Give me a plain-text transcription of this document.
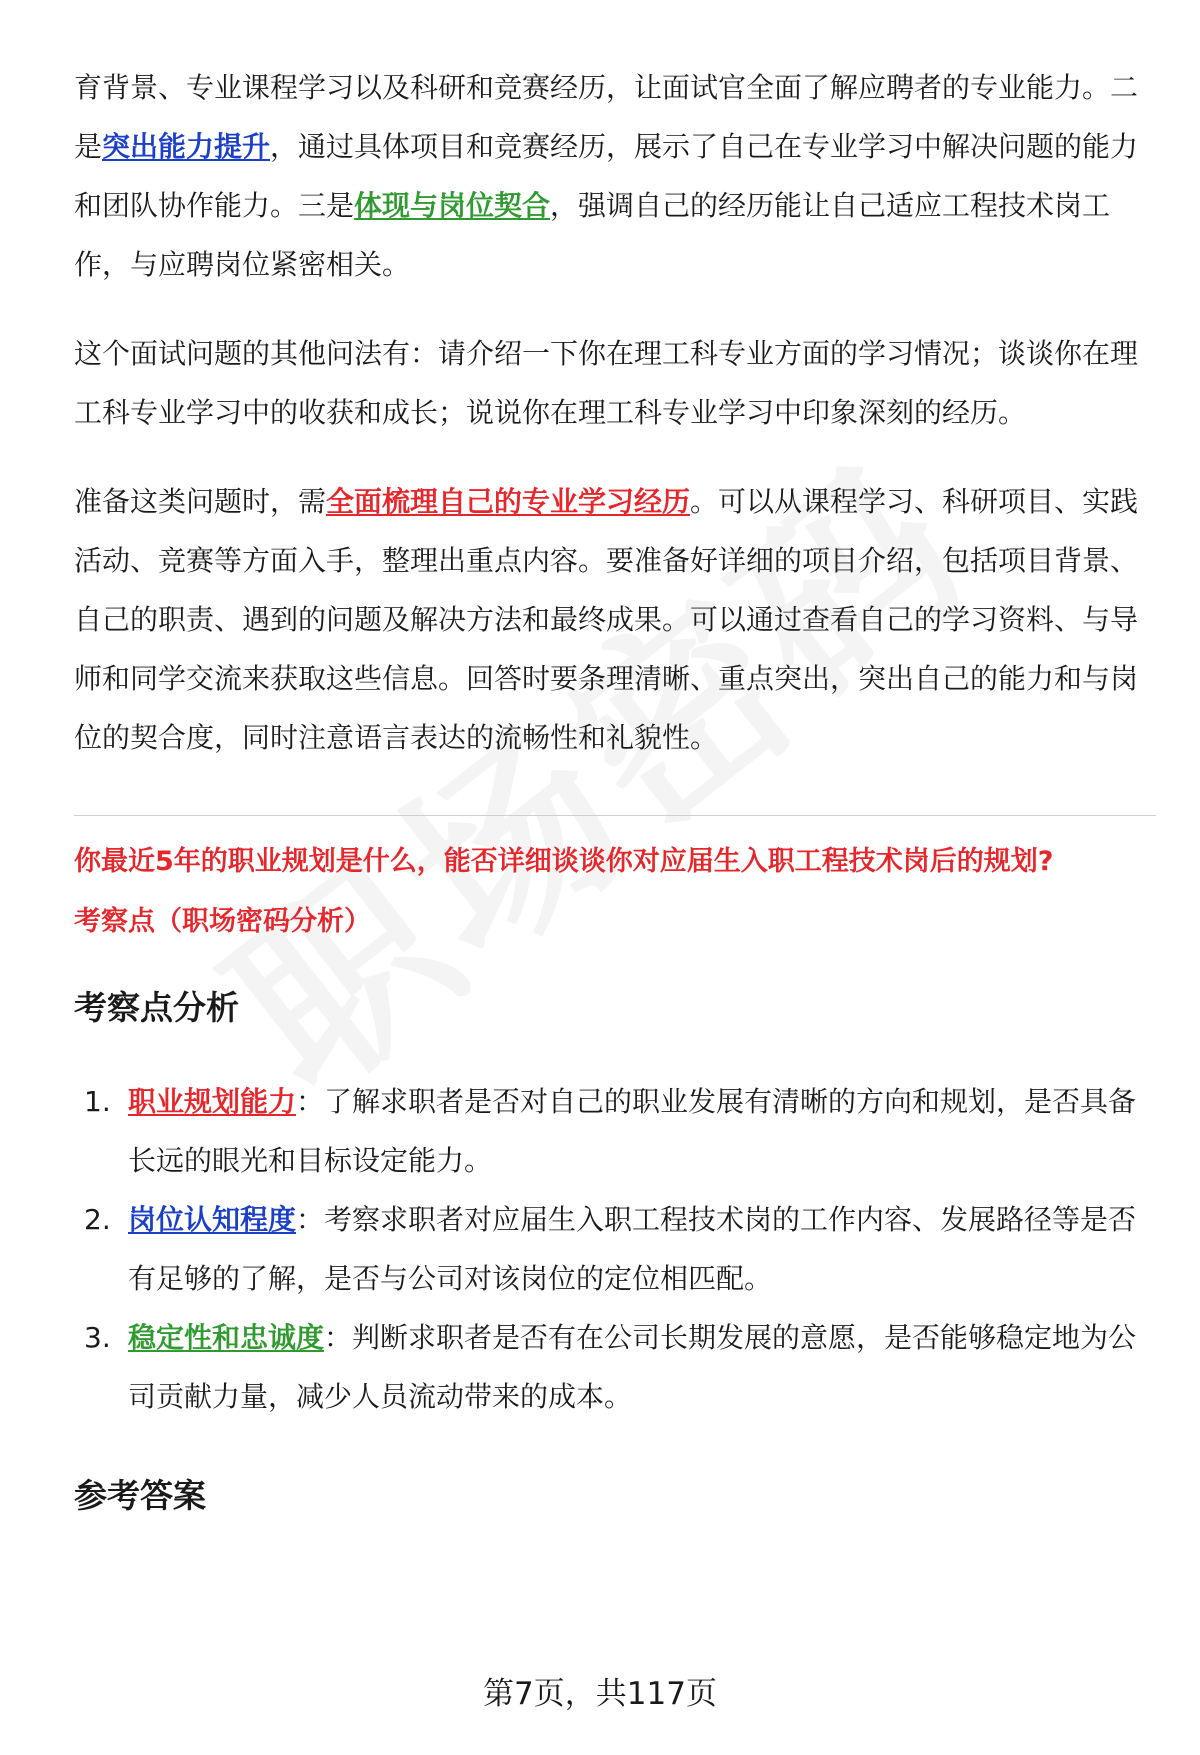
育背景、专业课程学习以及科研和竞赛经历，让面试官全面了解应聘者的专业能力。二是突出能力提升，通过具体项目和竞赛经历，展示了自己在专业学习中解决问题的能力和团队协作能力。三是体现与岗位契合，强调自己的经历能让自己适应工程技术岗工作，与应聘岗位紧密相关。

这个面试问题的其他问法有：请介绍一下你在理工科专业方面的学习情况；谈谈你在理工科专业学习中的收获和成长；说说你在理工科专业学习中印象深刻的经历。

准备这类问题时，需全面梳理自己的专业学习经历。可以从课程学习、科研项目、实践活动、竞赛等方面入手，整理出重点内容。要准备好详细的项目介绍，包括项目背景、自己的职责、遇到的问题及解决方法和最终成果。可以通过查看自己的学习资料、与导师和同学交流来获取这些信息。回答时要条理清晰、重点突出，突出自己的能力和与岗位的契合度，同时注意语言表达的流畅性和礼貌性。

你最近5年的职业规划是什么，能否详细谈谈你对应届生入职工程技术岗后的规划?
考察点（职场密码分析）
考察点分析
1. 职业规划能力：了解求职者是否对自己的职业发展有清晰的方向和规划，是否具备长远的眼光和目标设定能力。
2. 岗位认知程度：考察求职者对应届生入职工程技术岗的工作内容、发展路径等是否有足够的了解，是否与公司对该岗位的定位相匹配。
3. 稳定性和忠诚度：判断求职者是否有在公司长期发展的意愿，是否能够稳定地为公司贡献力量，减少人员流动带来的成本。
参考答案
第7页，共117页
